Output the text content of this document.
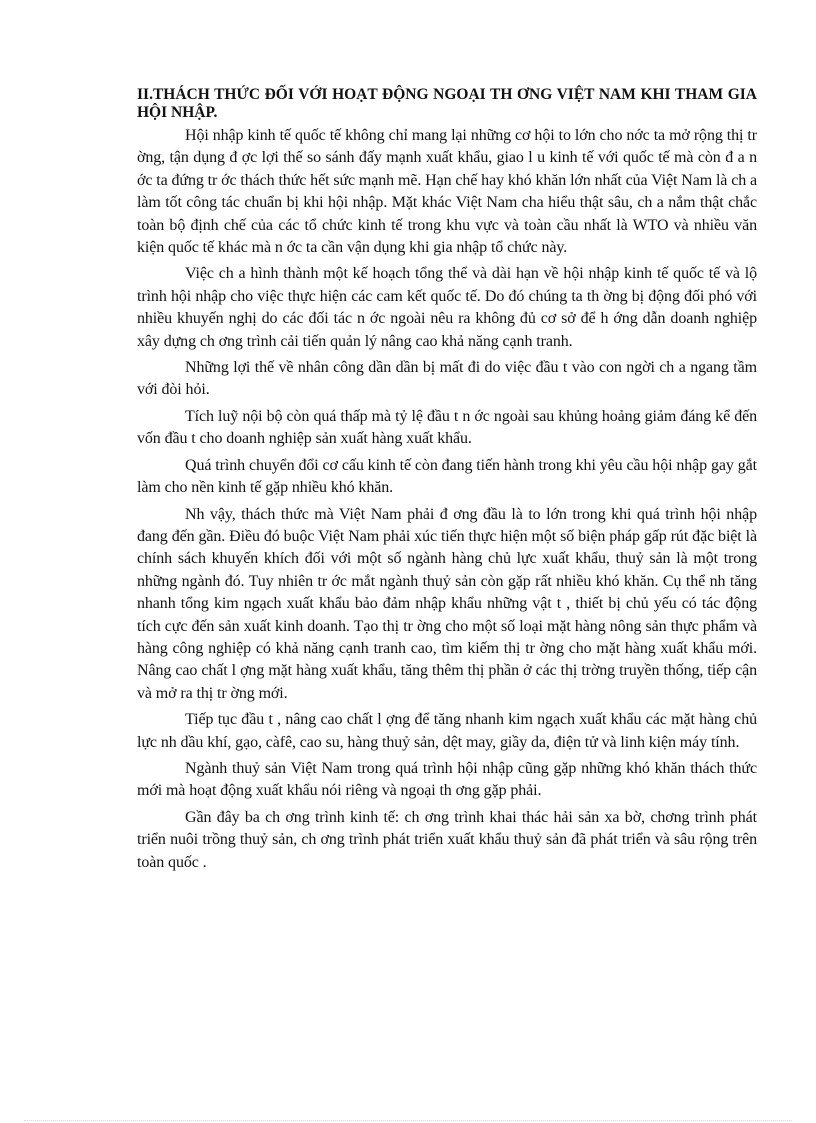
II.THÁCH THỨC ĐỐI VỚI HOẠT ĐỘNG NGOẠI TH ƠNG VIỆT NAM KHI THAM GIA HỘI NHẬP.

Hội nhập kinh tế quốc tế không chỉ mang lại những cơ hội to lớn cho nớc ta mở rộng thị tr ờng, tận dụng đ ợc lợi thế so sánh đấy mạnh xuất khẩu, giao l u kinh tế với quốc tế mà còn đ a n ớc ta đứng tr ớc thách thức hết sức mạnh mẽ. Hạn chế hay khó khăn lớn nhất của Việt Nam là ch a làm tốt công tác chuẩn bị khi hội nhập. Mặt khác Việt Nam cha hiểu thật sâu, ch a nắm thật chắc toàn bộ định chế của các tổ chức kinh tế trong khu vực và toàn cầu nhất là WTO và nhiều văn kiện quốc tế khác mà n ớc ta cần vận dụng khi gia nhập tổ chức này.

Việc ch a hình thành một kế hoạch tổng thể và dài hạn về hội nhập kinh tế quốc tế và lộ trình hội nhập cho việc thực hiện các cam kết quốc tế. Do đó chúng ta th ờng bị động đối phó với nhiều khuyến nghị do các đối tác n ớc ngoài nêu ra không đủ cơ sở để h ớng dẫn doanh nghiệp xây dựng ch ơng trình cải tiến quản lý nâng cao khả năng cạnh tranh.

Những lợi thế về nhân công dần dần bị mất đi do việc đầu t vào con ngời ch a ngang tầm với đòi hỏi.

Tích luỹ nội bộ còn quá thấp mà tỷ lệ đầu t n ớc ngoài sau khủng hoảng giảm đáng kể đến vốn đầu t cho doanh nghiệp sản xuất hàng xuất khẩu.

Quá trình chuyển đổi cơ cấu kinh tế còn đang tiến hành trong khi yêu cầu hội nhập gay gắt làm cho nền kinh tế gặp nhiều khó khăn.

Nh vậy, thách thức mà Việt Nam phải đ ơng đầu là to lớn trong khi quá trình hội nhập đang đến gần. Điều đó buộc Việt Nam phải xúc tiến thực hiện một số biện pháp gấp rút đặc biệt là chính sách khuyến khích đối với một số ngành hàng chủ lực xuất khẩu, thuỷ sản là một trong những ngành đó. Tuy nhiên tr ớc mắt ngành thuỷ sản còn gặp rất nhiều khó khăn. Cụ thể nh tăng nhanh tổng kim ngạch xuất khẩu bảo đảm nhập khẩu những vật t , thiết bị chủ yếu có tác động tích cực đến sản xuất kinh doanh. Tạo thị tr ờng cho một số loại mặt hàng nông sản thực phẩm và hàng công nghiệp có khả năng cạnh tranh cao, tìm kiếm thị tr ờng cho mặt hàng xuất khẩu mới. Nâng cao chất l ợng mặt hàng xuất khẩu, tăng thêm thị phần ở các thị trờng truyền thống, tiếp cận và mở ra thị tr ờng mới.

Tiếp tục đầu t , nâng cao chất l ợng để tăng nhanh kim ngạch xuất khẩu các mặt hàng chủ lực nh dầu khí, gạo, càfê, cao su, hàng thuỷ sản, dệt may, giầy da, điện tử và linh kiện máy tính.

Ngành thuỷ sản Việt Nam trong quá trình hội nhập cũng gặp những khó khăn thách thức mới mà hoạt động xuất khẩu nói riêng và ngoại th ơng gặp phải.

Gần đây ba ch ơng trình kinh tế: ch ơng trình khai thác hải sản xa bờ, chơng trình phát triển nuôi trồng thuỷ sản, ch ơng trình phát triển xuất khẩu thuỷ sản đã phát triển và sâu rộng trên toàn quốc .
